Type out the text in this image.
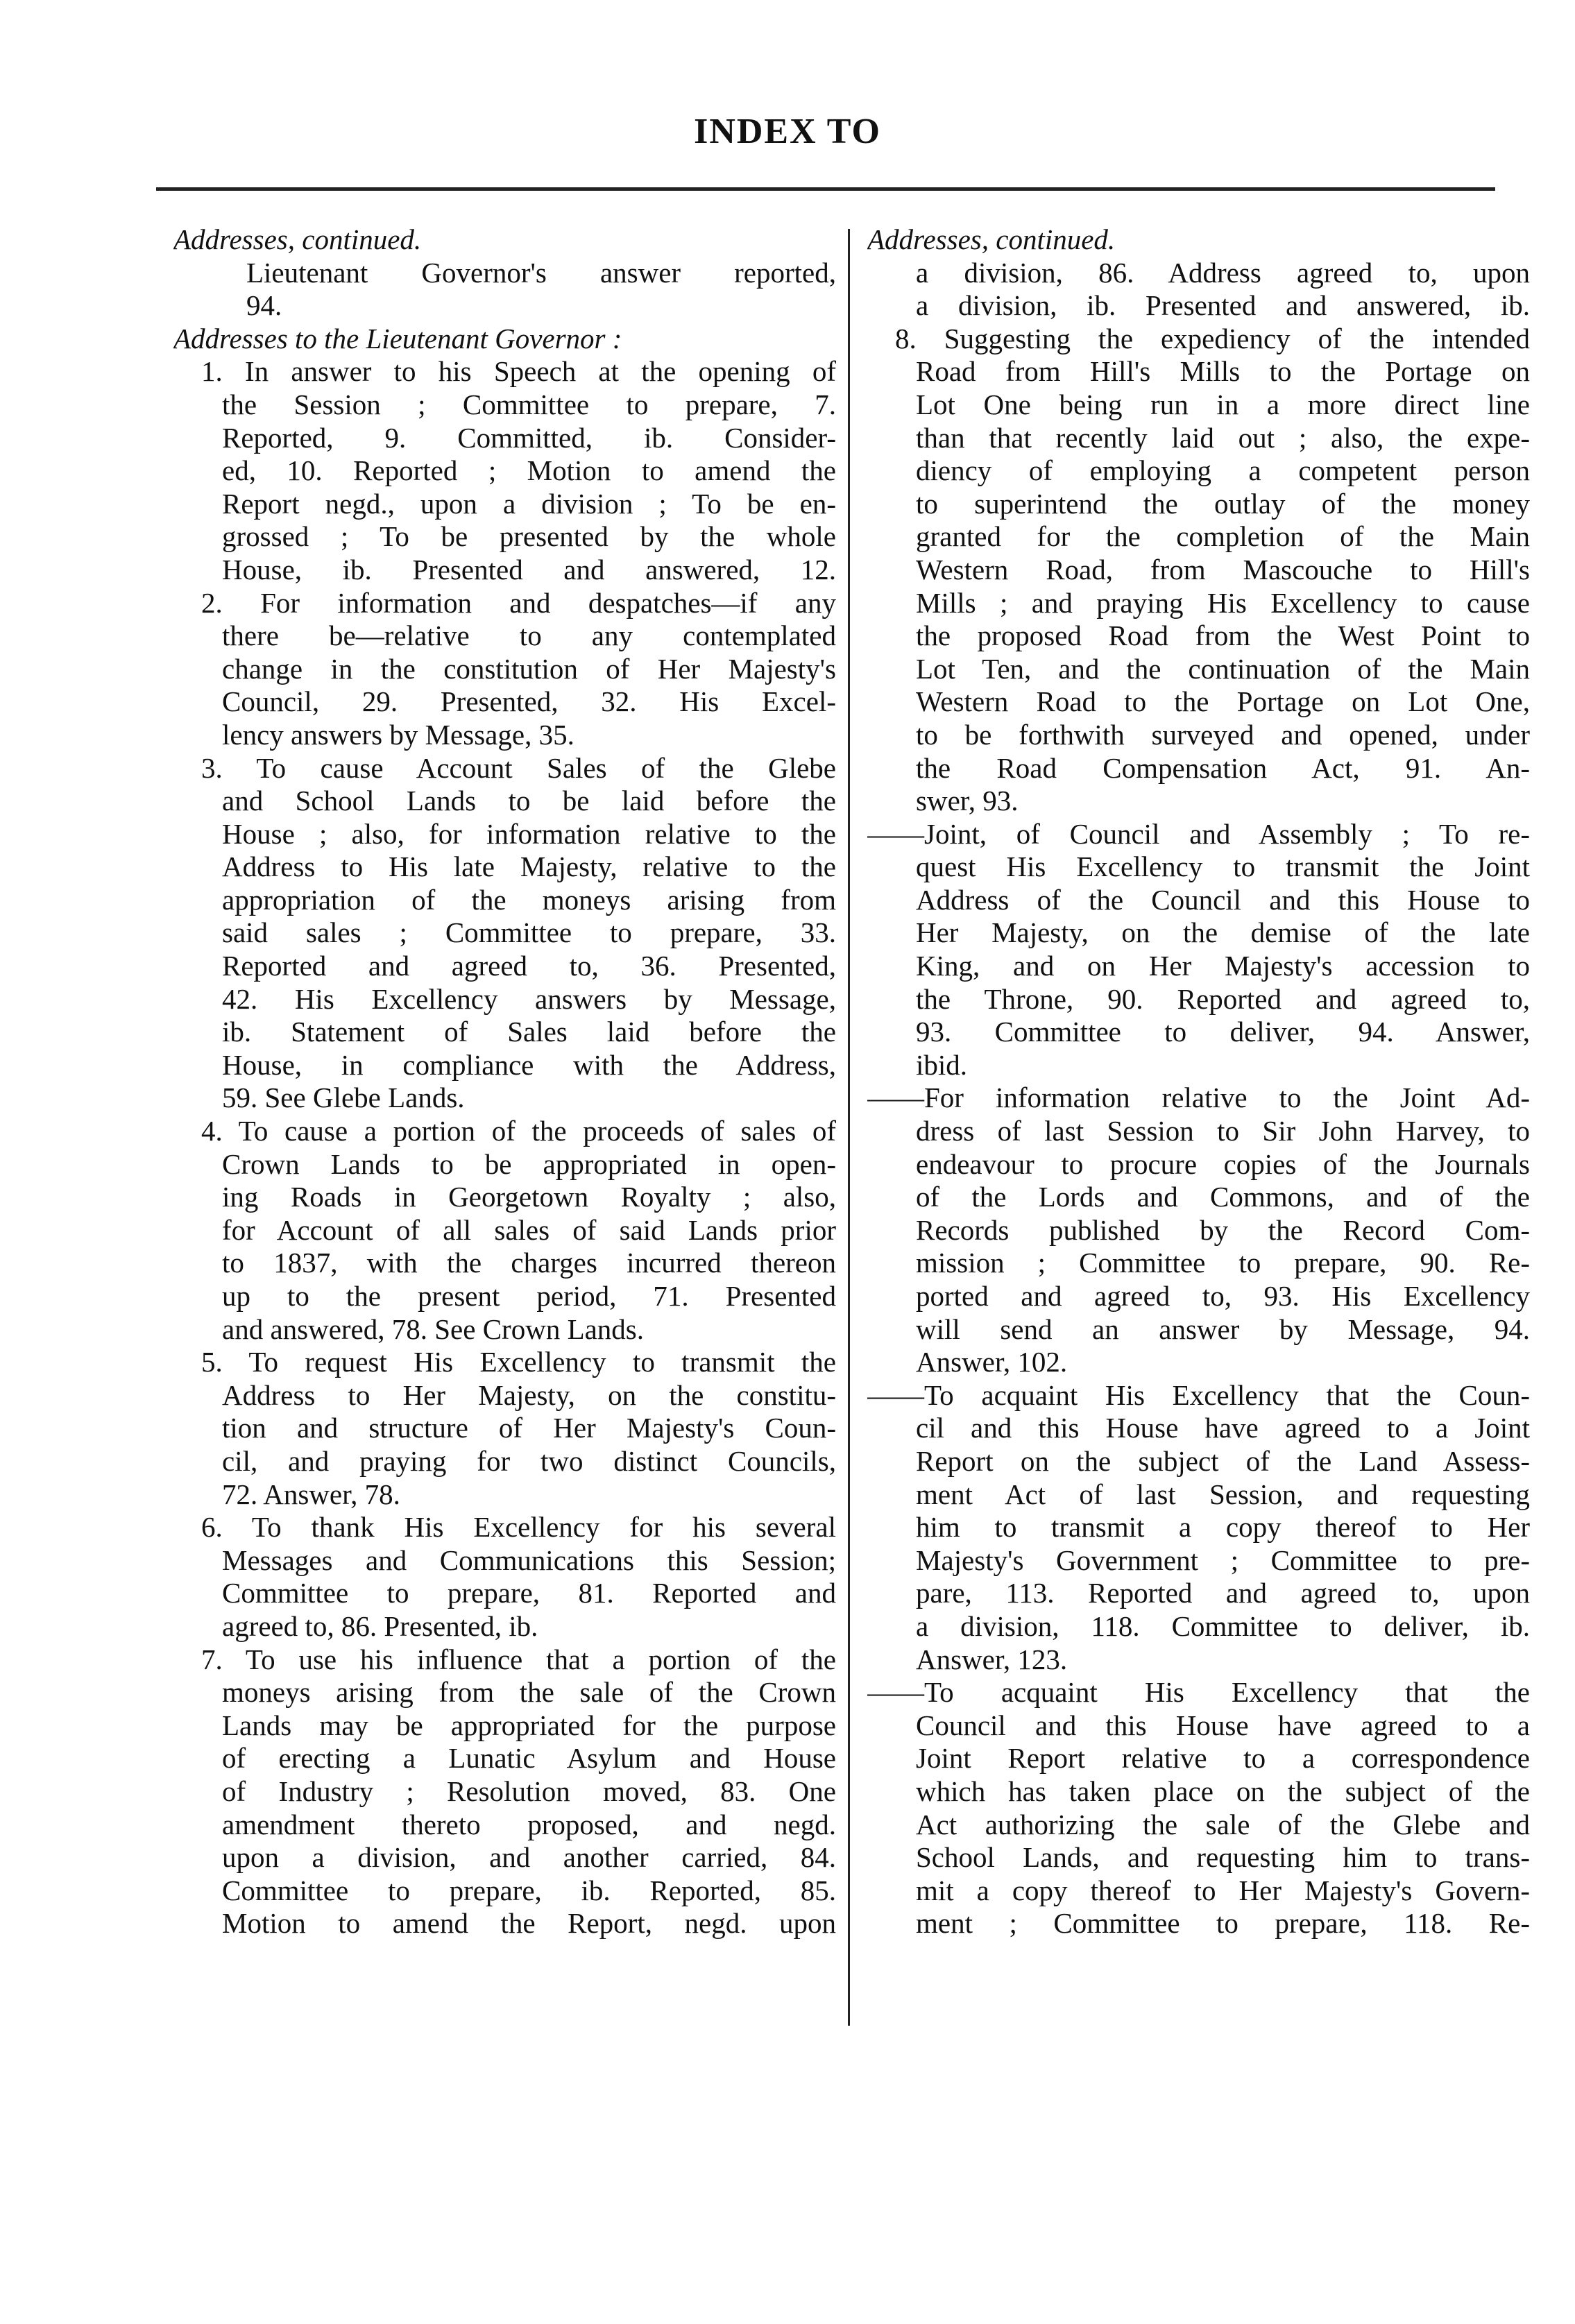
INDEX TO
Addresses, continued.
Lieutenant Governor's answer reported,
94.
Addresses to the Lieutenant Governor :
1. In answer to his Speech at the opening of
the Session ; Committee to prepare, 7.
Reported, 9. Committed, ib. Consider-
ed, 10. Reported ; Motion to amend the
Report negd., upon a division ; To be en-
grossed ; To be presented by the whole
House, ib. Presented and answered, 12.
2. For information and despatches—if any
there be—relative to any contemplated
change in the constitution of Her Majesty's
Council, 29. Presented, 32. His Excel-
lency answers by Message, 35.
3. To cause Account Sales of the Glebe
and School Lands to be laid before the
House ; also, for information relative to the
Address to His late Majesty, relative to the
appropriation of the moneys arising from
said sales ; Committee to prepare, 33.
Reported and agreed to, 36. Presented,
42. His Excellency answers by Message,
ib. Statement of Sales laid before the
House, in compliance with the Address,
59. See Glebe Lands.
4. To cause a portion of the proceeds of sales of
Crown Lands to be appropriated in open-
ing Roads in Georgetown Royalty ; also,
for Account of all sales of said Lands prior
to 1837, with the charges incurred thereon
up to the present period, 71. Presented
and answered, 78. See Crown Lands.
5. To request His Excellency to transmit the
Address to Her Majesty, on the constitu-
tion and structure of Her Majesty's Coun-
cil, and praying for two distinct Councils,
72. Answer, 78.
6. To thank His Excellency for his several
Messages and Communications this Session;
Committee to prepare, 81. Reported and
agreed to, 86. Presented, ib.
7. To use his influence that a portion of the
moneys arising from the sale of the Crown
Lands may be appropriated for the purpose
of erecting a Lunatic Asylum and House
of Industry ; Resolution moved, 83. One
amendment thereto proposed, and negd.
upon a division, and another carried, 84.
Committee to prepare, ib. Reported, 85.
Motion to amend the Report, negd. upon
Addresses, continued.
a division, 86. Address agreed to, upon
a division, ib. Presented and answered, ib.
8. Suggesting the expediency of the intended
Road from Hill's Mills to the Portage on
Lot One being run in a more direct line
than that recently laid out ; also, the expe-
diency of employing a competent person
to superintend the outlay of the money
granted for the completion of the Main
Western Road, from Mascouche to Hill's
Mills ; and praying His Excellency to cause
the proposed Road from the West Point to
Lot Ten, and the continuation of the Main
Western Road to the Portage on Lot One,
to be forthwith surveyed and opened, under
the Road Compensation Act, 91. An-
swer, 93.
——Joint, of Council and Assembly ; To re-
quest His Excellency to transmit the Joint
Address of the Council and this House to
Her Majesty, on the demise of the late
King, and on Her Majesty's accession to
the Throne, 90. Reported and agreed to,
93. Committee to deliver, 94. Answer,
ibid.
——For information relative to the Joint Ad-
dress of last Session to Sir John Harvey, to
endeavour to procure copies of the Journals
of the Lords and Commons, and of the
Records published by the Record Com-
mission ; Committee to prepare, 90. Re-
ported and agreed to, 93. His Excellency
will send an answer by Message, 94.
Answer, 102.
——To acquaint His Excellency that the Coun-
cil and this House have agreed to a Joint
Report on the subject of the Land Assess-
ment Act of last Session, and requesting
him to transmit a copy thereof to Her
Majesty's Government ; Committee to pre-
pare, 113. Reported and agreed to, upon
a division, 118. Committee to deliver, ib.
Answer, 123.
——To acquaint His Excellency that the
Council and this House have agreed to a
Joint Report relative to a correspondence
which has taken place on the subject of the
Act authorizing the sale of the Glebe and
School Lands, and requesting him to trans-
mit a copy thereof to Her Majesty's Govern-
ment ; Committee to prepare, 118. Re-
